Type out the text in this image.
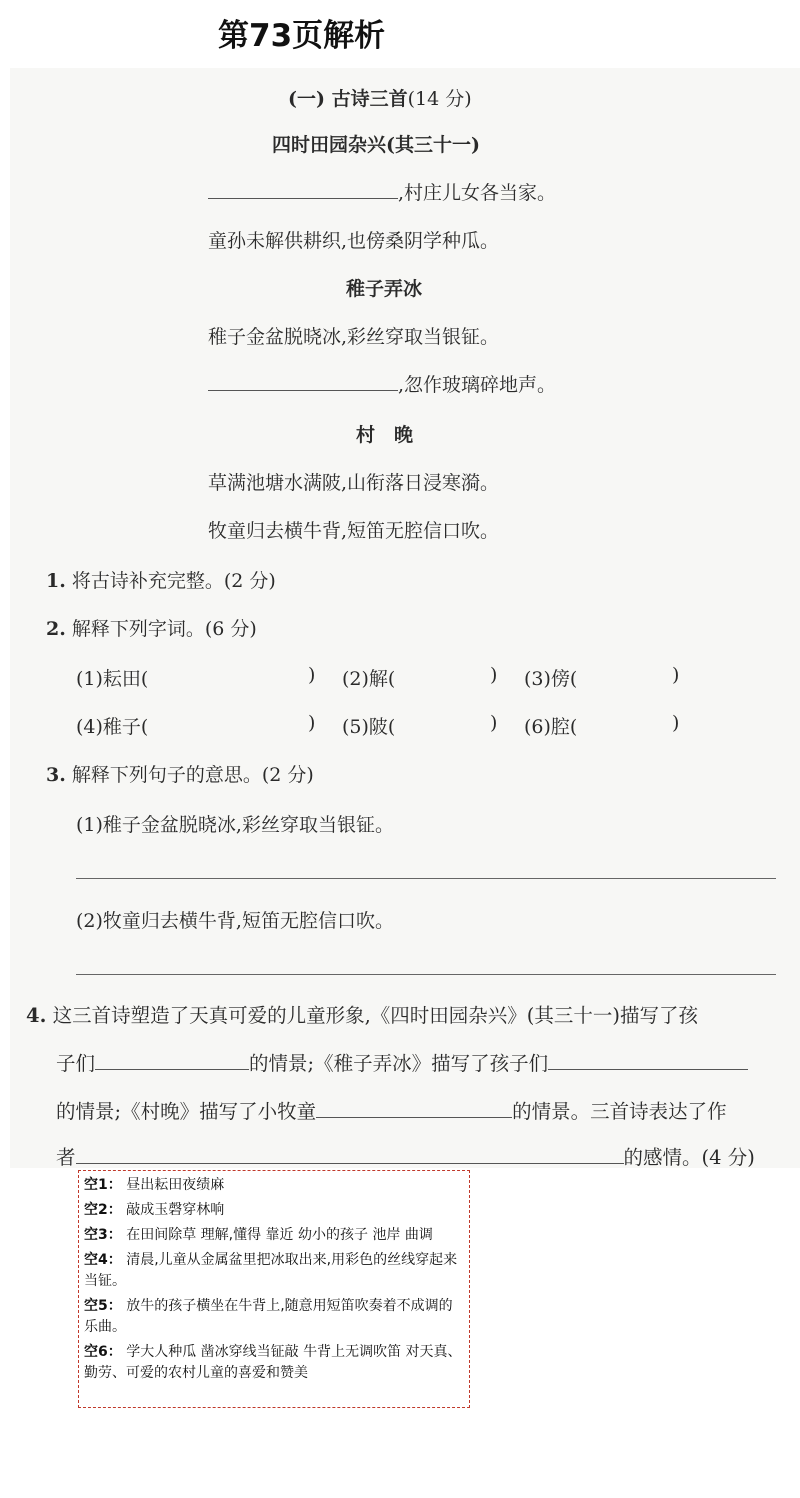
第73页解析
(一) 古诗三首(14 分)
四时田园杂兴(其三十一)
,村庄儿女各当家。
童孙未解供耕织,也傍桑阴学种瓜。
稚子弄冰
稚子金盆脱晓冰,彩丝穿取当银钲。
,忽作玻璃碎地声。
村　晚
草满池塘水满陂,山衔落日浸寒漪。
牧童归去横牛背,短笛无腔信口吹。
1. 将古诗补充完整。(2 分)
2. 解释下列字词。(6 分)
(1)耘田(	) (2)解(	) (3)傍(	)
(4)稚子(	) (5)陂(	) (6)腔(	)
3. 解释下列句子的意思。(2 分)
(1)稚子金盆脱晓冰,彩丝穿取当银钲。
(2)牧童归去横牛背,短笛无腔信口吹。
4. 这三首诗塑造了天真可爱的儿童形象,《四时田园杂兴》(其三十一)描写了孩
子们	的情景;《稚子弄冰》描写了孩子们
的情景;《村晚》描写了小牧童	的情景。三首诗表达了作
者	的感情。(4 分)
空1： 昼出耘田夜绩麻
空2： 敲成玉磬穿林响
空3： 在田间除草 理解,懂得 靠近 幼小的孩子 池岸 曲调
空4： 清晨,儿童从金属盆里把冰取出来,用彩色的丝线穿起来当钲。
空5： 放牛的孩子横坐在牛背上,随意用短笛吹奏着不成调的乐曲。
空6： 学大人种瓜 凿冰穿线当钲敲 牛背上无调吹笛 对天真、勤劳、可爱的农村儿童的喜爱和赞美
